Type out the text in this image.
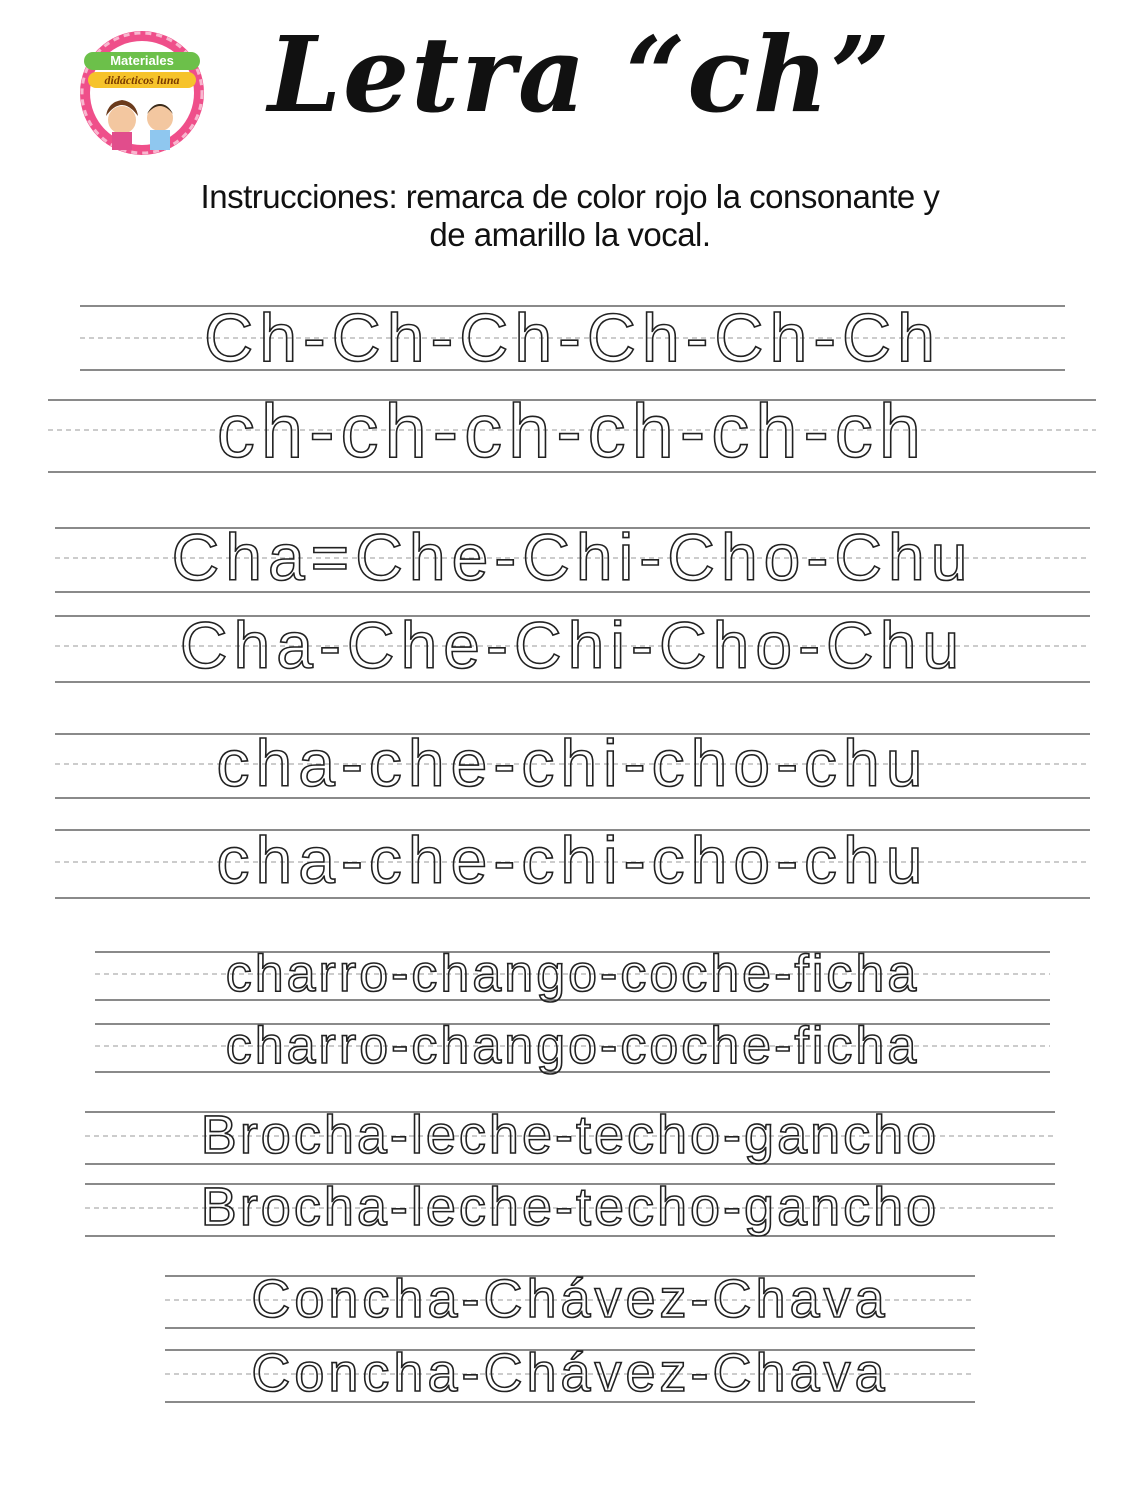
Materiales
didácticos luna Letra “ch”
Instrucciones: remarca de color rojo la consonante y
de amarillo la vocal.
Ch-Ch-Ch-Ch-Ch-Ch
ch-ch-ch-ch-ch-ch
Cha=Che-Chi-Cho-Chu
Cha-Che-Chi-Cho-Chu
cha-che-chi-cho-chu
cha-che-chi-cho-chu
charro-chango-coche-ficha
charro-chango-coche-ficha
Brocha-leche-techo-gancho
Brocha-leche-techo-gancho
Concha-Chávez-Chava
Concha-Chávez-Chava
